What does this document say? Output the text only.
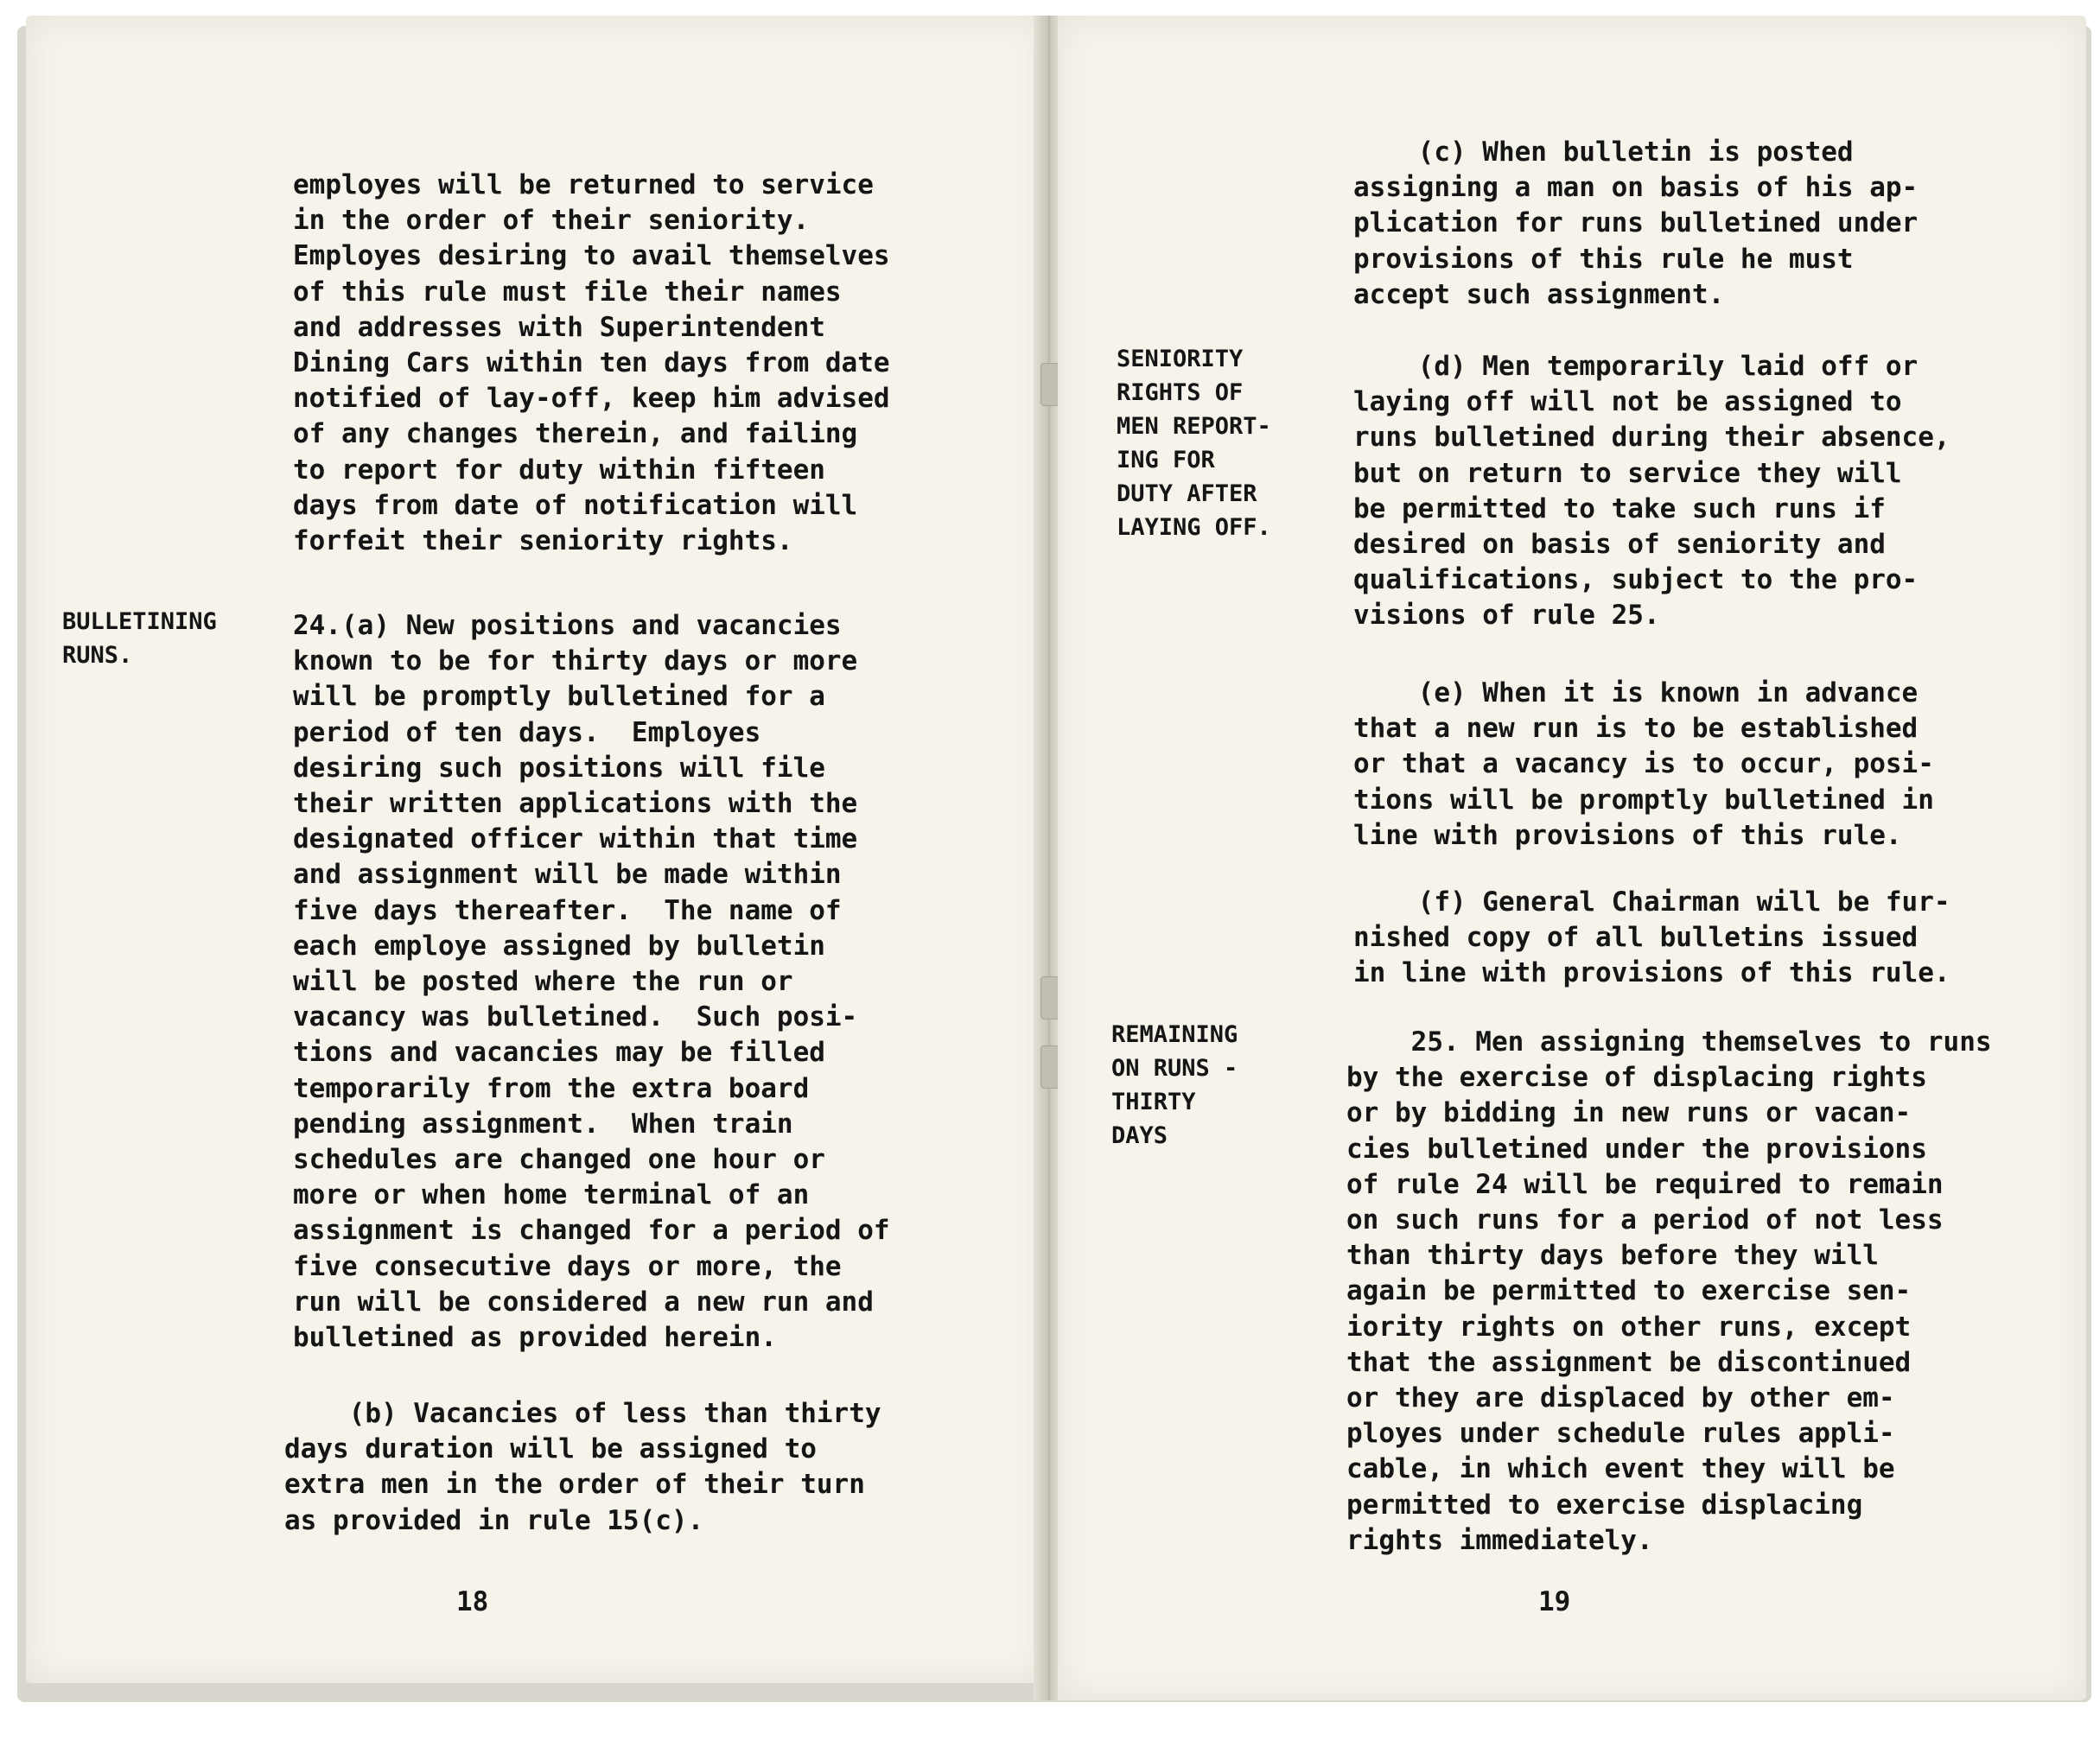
employes will be returned to service
in the order of their seniority.
Employes desiring to avail themselves
of this rule must file their names
and addresses with Superintendent
Dining Cars within ten days from date
notified of lay-off, keep him advised
of any changes therein, and failing
to report for duty within fifteen
days from date of notification will
forfeit their seniority rights.
BULLETINING
RUNS.
24.(a) New positions and vacancies
known to be for thirty days or more
will be promptly bulletined for a
period of ten days.  Employes
desiring such positions will file
their written applications with the
designated officer within that time
and assignment will be made within
five days thereafter.  The name of
each employe assigned by bulletin
will be posted where the run or
vacancy was bulletined.  Such posi-
tions and vacancies may be filled
temporarily from the extra board
pending assignment.  When train
schedules are changed one hour or
more or when home terminal of an
assignment is changed for a period of
five consecutive days or more, the
run will be considered a new run and
bulletined as provided herein.
(b) Vacancies of less than thirty
days duration will be assigned to
extra men in the order of their turn
as provided in rule 15(c).
18
(c) When bulletin is posted
assigning a man on basis of his ap-
plication for runs bulletined under
provisions of this rule he must
accept such assignment.
SENIORITY
RIGHTS OF
MEN REPORT-
ING FOR
DUTY AFTER
LAYING OFF.
(d) Men temporarily laid off or
laying off will not be assigned to
runs bulletined during their absence,
but on return to service they will
be permitted to take such runs if
desired on basis of seniority and
qualifications, subject to the pro-
visions of rule 25.
(e) When it is known in advance
that a new run is to be established
or that a vacancy is to occur, posi-
tions will be promptly bulletined in
line with provisions of this rule.
(f) General Chairman will be fur-
nished copy of all bulletins issued
in line with provisions of this rule.
REMAINING
ON RUNS -
THIRTY
DAYS
25. Men assigning themselves to runs
by the exercise of displacing rights
or by bidding in new runs or vacan-
cies bulletined under the provisions
of rule 24 will be required to remain
on such runs for a period of not less
than thirty days before they will
again be permitted to exercise sen-
iority rights on other runs, except
that the assignment be discontinued
or they are displaced by other em-
ployes under schedule rules appli-
cable, in which event they will be
permitted to exercise displacing
rights immediately.
19
